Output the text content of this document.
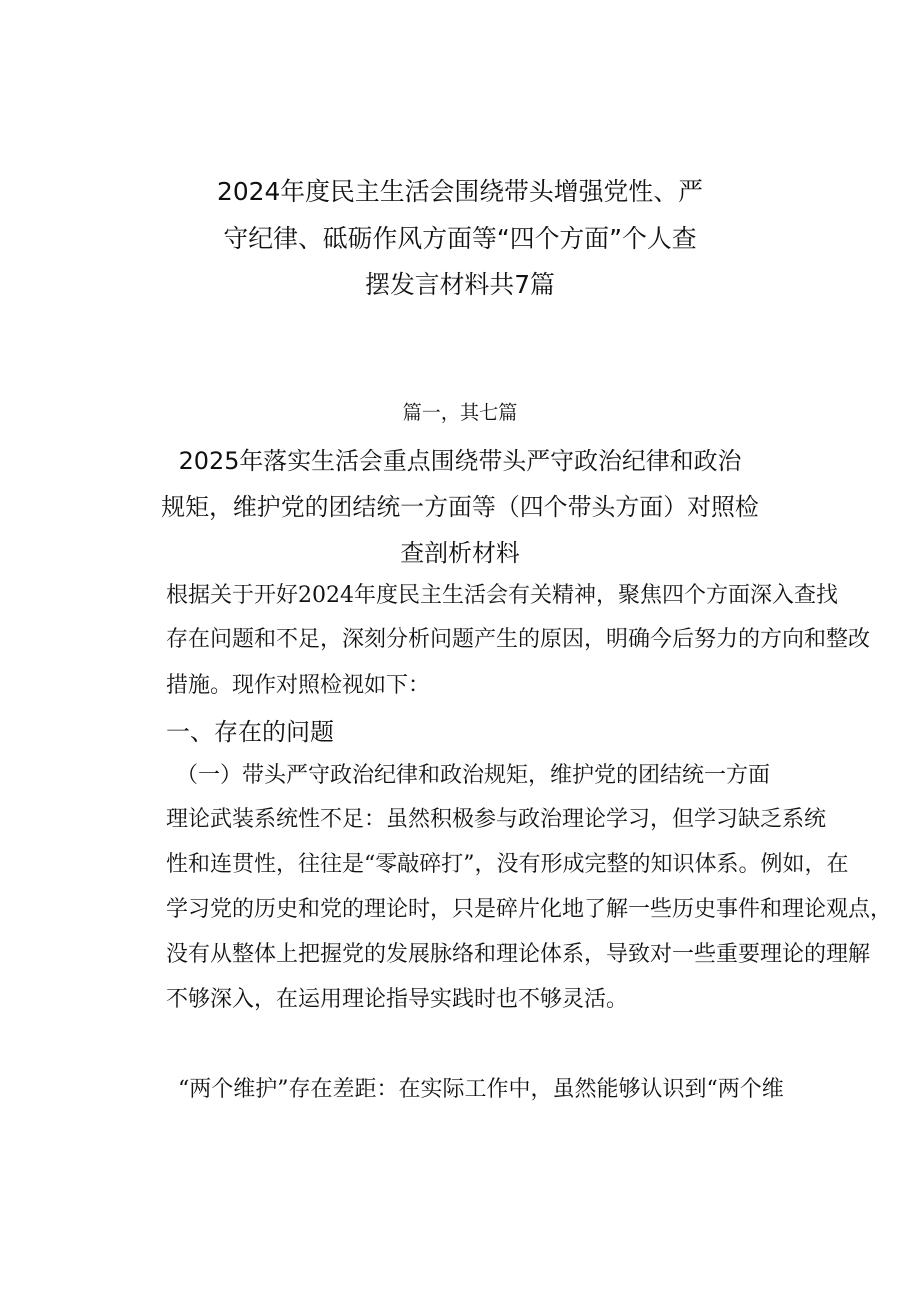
2024年度民主生活会围绕带头增强党性、严
守纪律、砥砺作风方面等“四个方面”个人查
摆发言材料共7篇
篇一，其七篇
2025年落实生活会重点围绕带头严守政治纪律和政治
规矩，维护党的团结统一方面等（四个带头方面）对照检
查剖析材料
根据关于开好2024年度民主生活会有关精神，聚焦四个方面深入查找
存在问题和不足，深刻分析问题产生的原因，明确今后努力的方向和整改
措施。现作对照检视如下：
一、存在的问题
（一）带头严守政治纪律和政治规矩，维护党的团结统一方面
理论武装系统性不足：虽然积极参与政治理论学习，但学习缺乏系统
性和连贯性，往往是“零敲碎打”，没有形成完整的知识体系。例如，在
学习党的历史和党的理论时，只是碎片化地了解一些历史事件和理论观点，
没有从整体上把握党的发展脉络和理论体系，导致对一些重要理论的理解
不够深入，在运用理论指导实践时也不够灵活。
“两个维护”存在差距：在实际工作中，虽然能够认识到“两个维
